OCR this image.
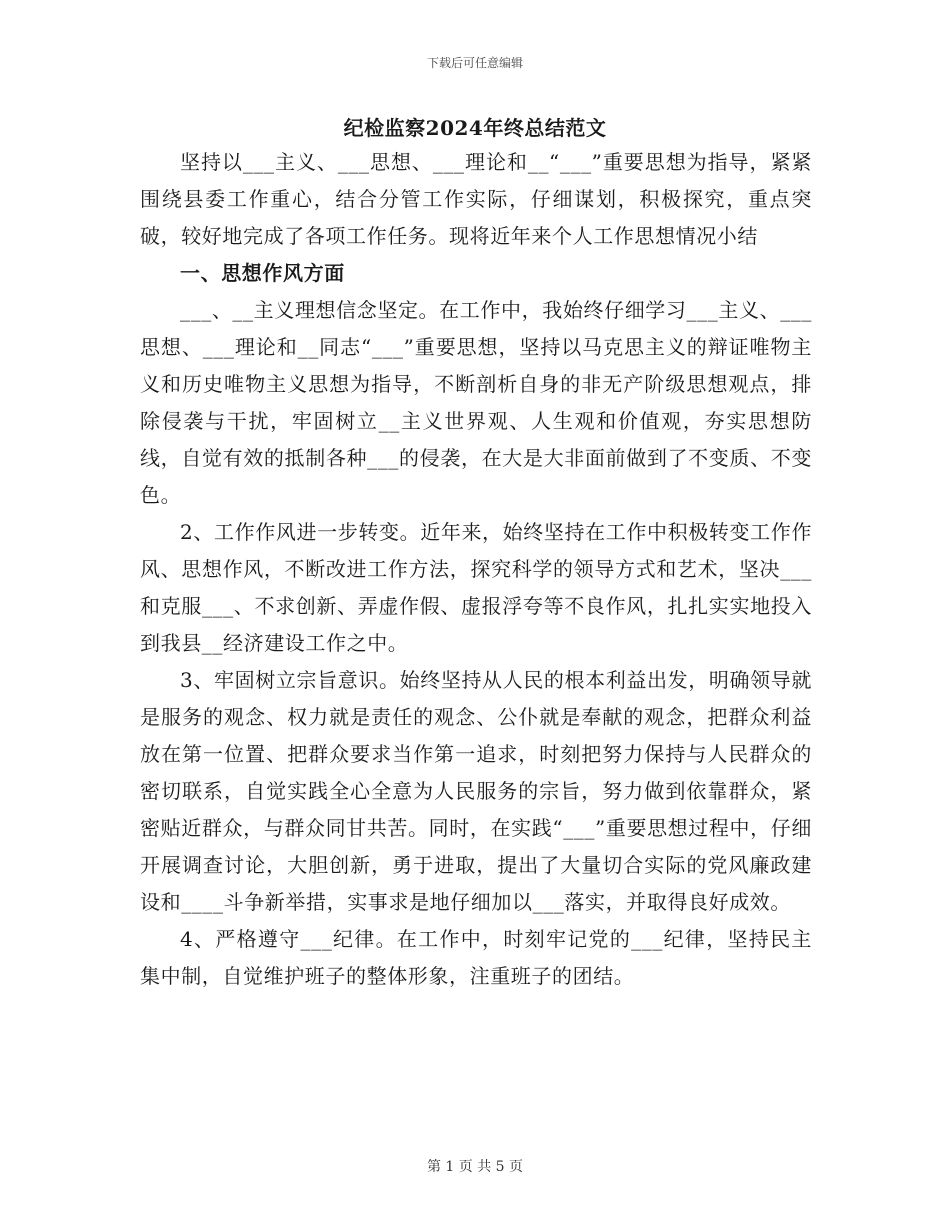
下载后可任意编辑
纪检监察2024年终总结范文

坚持以___主义、___思想、___理论和__“___”重要思想为指导，紧紧围绕县委工作重心，结合分管工作实际，仔细谋划，积极探究，重点突破，较好地完成了各项工作任务。现将近年来个人工作思想情况小结

一、思想作风方面

___、__主义理想信念坚定。在工作中，我始终仔细学习___主义、___思想、___理论和__同志“___”重要思想，坚持以马克思主义的辩证唯物主义和历史唯物主义思想为指导，不断剖析自身的非无产阶级思想观点，排除侵袭与干扰，牢固树立__主义世界观、人生观和价值观，夯实思想防线，自觉有效的抵制各种___的侵袭，在大是大非面前做到了不变质、不变色。

2、工作作风进一步转变。近年来，始终坚持在工作中积极转变工作作风、思想作风，不断改进工作方法，探究科学的领导方式和艺术，坚决___和克服___、不求创新、弄虚作假、虚报浮夸等不良作风，扎扎实实地投入到我县__经济建设工作之中。

3、牢固树立宗旨意识。始终坚持从人民的根本利益出发，明确领导就是服务的观念、权力就是责任的观念、公仆就是奉献的观念，把群众利益放在第一位置、把群众要求当作第一追求，时刻把努力保持与人民群众的密切联系，自觉实践全心全意为人民服务的宗旨，努力做到依靠群众，紧密贴近群众，与群众同甘共苦。同时，在实践“___”重要思想过程中，仔细开展调查讨论，大胆创新，勇于进取，提出了大量切合实际的党风廉政建设和____斗争新举措，实事求是地仔细加以___落实，并取得良好成效。

4、严格遵守___纪律。在工作中，时刻牢记党的___纪律，坚持民主集中制，自觉维护班子的整体形象，注重班子的团结。

第 1 页 共 5 页
